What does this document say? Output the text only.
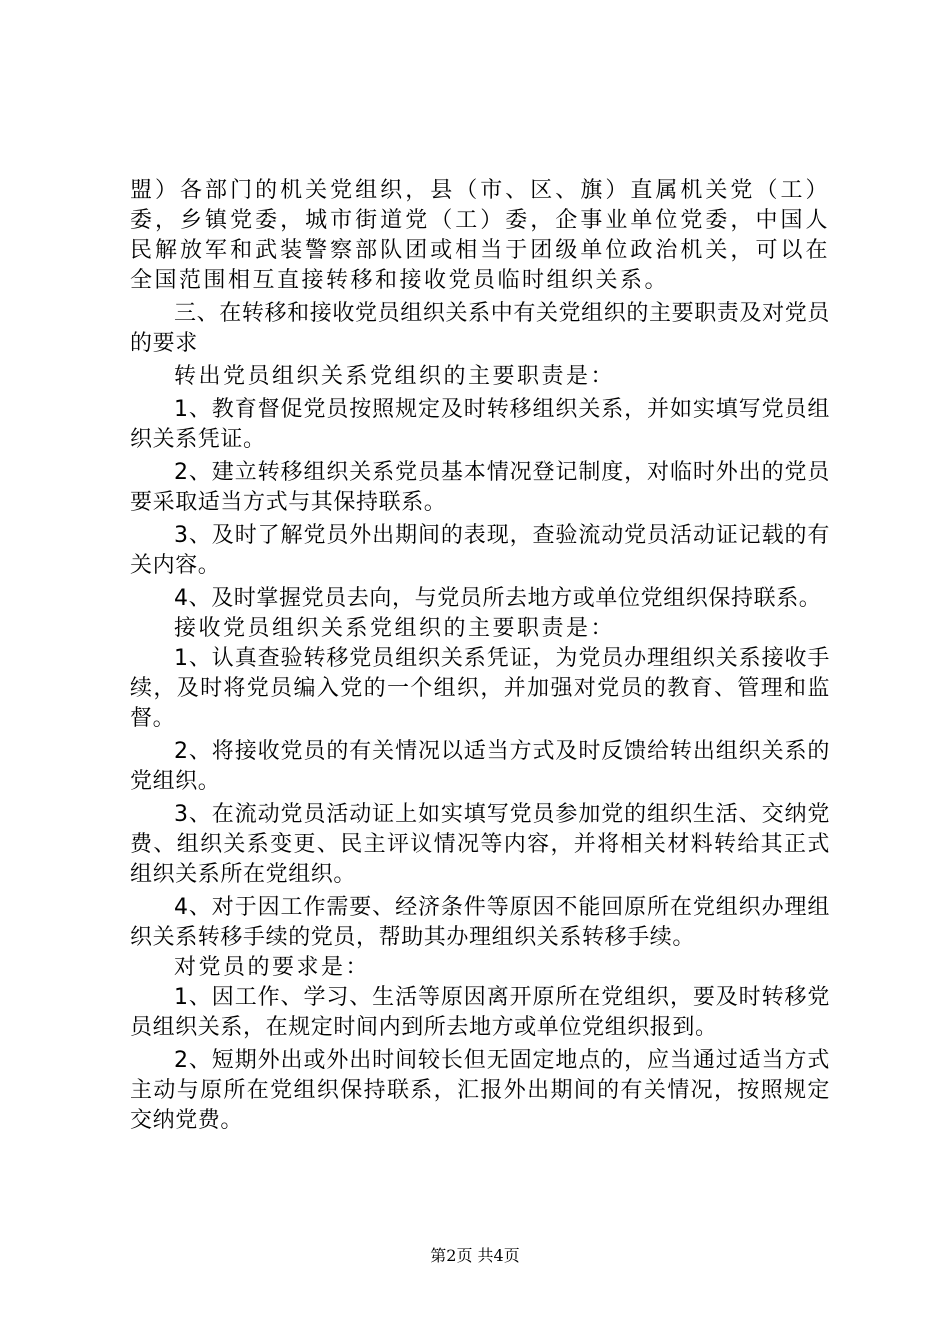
盟）各部门的机关党组织，县（市、区、旗）直属机关党（工）委，乡镇党委，城市街道党（工）委，企事业单位党委，中国人民解放军和武装警察部队团或相当于团级单位政治机关，可以在全国范围相互直接转移和接收党员临时组织关系。

三、在转移和接收党员组织关系中有关党组织的主要职责及对党员的要求

转出党员组织关系党组织的主要职责是：

1、教育督促党员按照规定及时转移组织关系，并如实填写党员组织关系凭证。

2、建立转移组织关系党员基本情况登记制度，对临时外出的党员要采取适当方式与其保持联系。

3、及时了解党员外出期间的表现，查验流动党员活动证记载的有关内容。

4、及时掌握党员去向，与党员所去地方或单位党组织保持联系。

接收党员组织关系党组织的主要职责是：

1、认真查验转移党员组织关系凭证，为党员办理组织关系接收手续，及时将党员编入党的一个组织，并加强对党员的教育、管理和监督。

2、将接收党员的有关情况以适当方式及时反馈给转出组织关系的党组织。

3、在流动党员活动证上如实填写党员参加党的组织生活、交纳党费、组织关系变更、民主评议情况等内容，并将相关材料转给其正式组织关系所在党组织。

4、对于因工作需要、经济条件等原因不能回原所在党组织办理组织关系转移手续的党员，帮助其办理组织关系转移手续。

对党员的要求是：

1、因工作、学习、生活等原因离开原所在党组织，要及时转移党员组织关系，在规定时间内到所去地方或单位党组织报到。

2、短期外出或外出时间较长但无固定地点的，应当通过适当方式主动与原所在党组织保持联系，汇报外出期间的有关情况，按照规定交纳党费。

第2页 共4页
